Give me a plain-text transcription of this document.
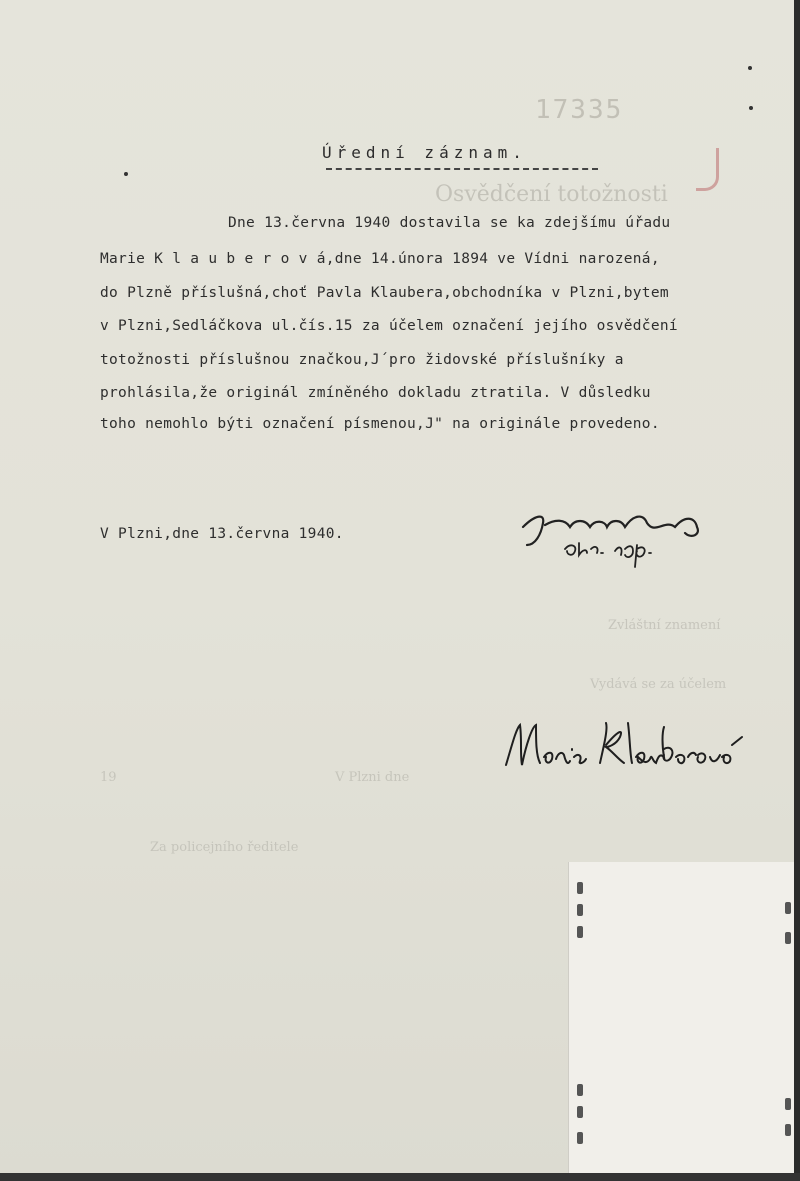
17335
Osvědčení totožnosti
Zvláštní znamení
Vydává se za účelem
V Plzni dne
19
Za policejního ředitele
Úřední záznam.
Dne 13.června 1940 dostavila se ka zdejšímu úřadu
Marie K l a u b e r o v á,dne 14.února 1894 ve Vídni narozená,
do Plzně příslušná,choť Pavla Klaubera,obchodníka v Plzni,bytem
v Plzni,Sedláčkova ul.čís.15 za účelem označení jejího osvědčení
totožnosti příslušnou značkou,J´pro židovské příslušníky a
prohlásila,že originál zmíněného dokladu ztratila. V důsledku
toho nemohlo býti označení písmenou,J" na originále provedeno.
V Plzni,dne 13.června 1940.
